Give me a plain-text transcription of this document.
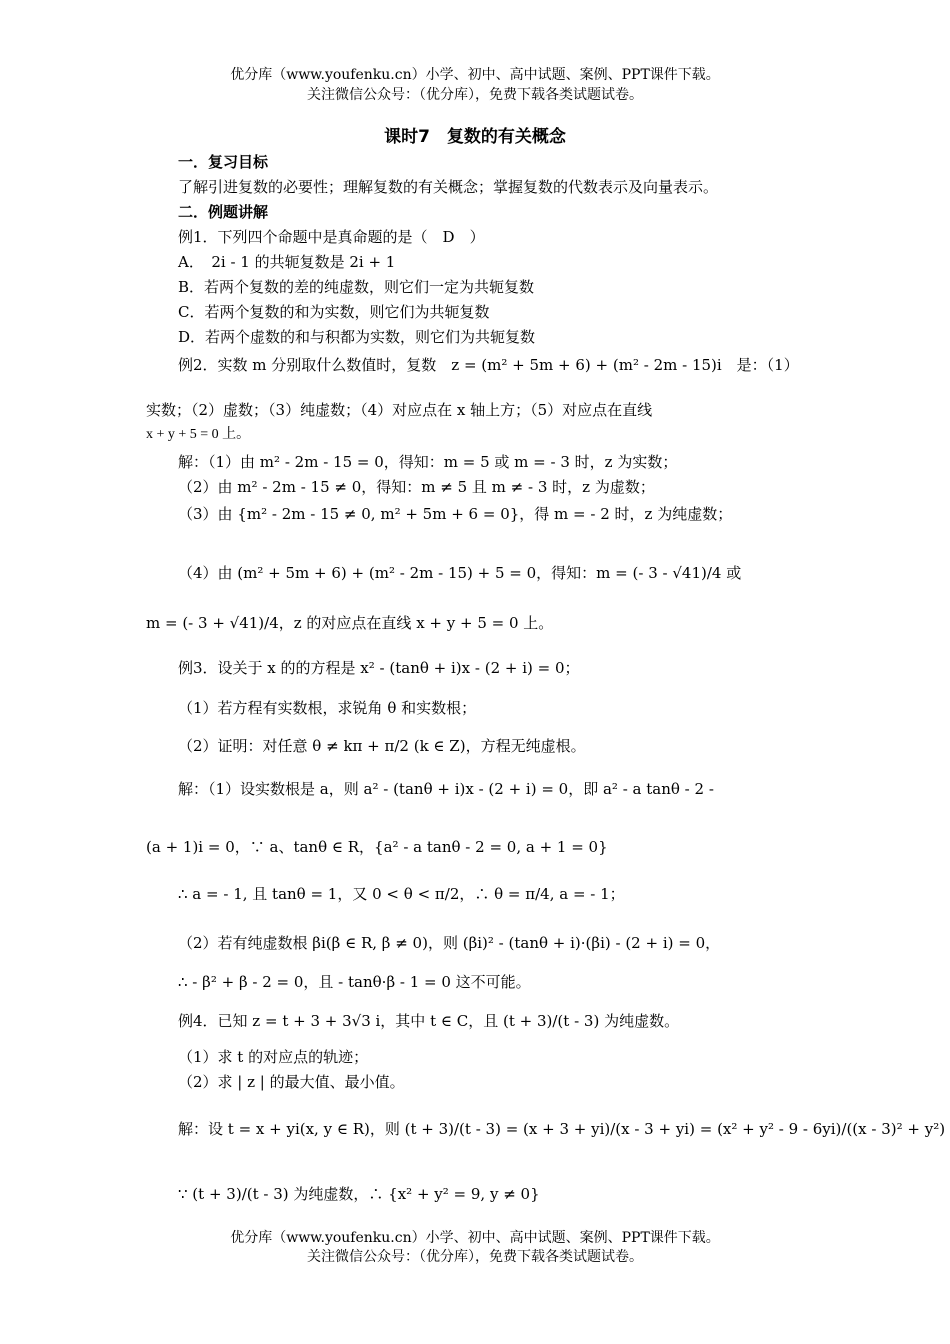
优分库（www.youfenku.cn）小学、初中、高中试题、案例、PPT课件下载。
关注微信公众号：（优分库），免费下载各类试题试卷。
课时7　复数的有关概念
一．复习目标
了解引进复数的必要性；理解复数的有关概念；掌握复数的代数表示及向量表示。
二．例题讲解
例1．下列四个命题中是真命题的是（　D　）
A．　2i - 1 的共轭复数是 2i + 1
B．若两个复数的差的纯虚数，则它们一定为共轭复数
C．若两个复数的和为实数，则它们为共轭复数
D．若两个虚数的和与积都为实数，则它们为共轭复数
例2．实数 m 分别取什么数值时，复数　z = (m² + 5m + 6) + (m² - 2m - 15)i　是：（1）
实数；（2）虚数；（3）纯虚数；（4）对应点在 x 轴上方；（5）对应点在直线
x + y + 5 = 0 上。
解：（1）由 m² - 2m - 15 = 0，得知：m = 5 或 m = - 3 时，z 为实数；
（2）由 m² - 2m - 15 ≠ 0，得知：m ≠ 5 且 m ≠ - 3 时，z 为虚数；
（3）由 {m² - 2m - 15 ≠ 0, m² + 5m + 6 = 0}，得 m = - 2 时，z 为纯虚数；
（4）由 (m² + 5m + 6) + (m² - 2m - 15) + 5 = 0，得知：m = (- 3 - √41)/4 或
m = (- 3 + √41)/4，z 的对应点在直线 x + y + 5 = 0 上。
例3．设关于 x 的的方程是 x² - (tanθ + i)x - (2 + i) = 0；
（1）若方程有实数根，求锐角 θ 和实数根；
（2）证明：对任意 θ ≠ kπ + π/2 (k ∈ Z)，方程无纯虚根。
解：（1）设实数根是 a，则 a² - (tanθ + i)x - (2 + i) = 0，即 a² - a tanθ - 2 -
(a + 1)i = 0，∵ a、tanθ ∈ R，{a² - a tanθ - 2 = 0, a + 1 = 0}
∴ a = - 1, 且 tanθ = 1，又 0 < θ < π/2，∴ θ = π/4, a = - 1；
（2）若有纯虚数根 βi(β ∈ R, β ≠ 0)，则 (βi)² - (tanθ + i)·(βi) - (2 + i) = 0，
∴ - β² + β - 2 = 0，且 - tanθ·β - 1 = 0 这不可能。
例4．已知 z = t + 3 + 3√3 i，其中 t ∈ C，且 (t + 3)/(t - 3) 为纯虚数。
（1）求 t 的对应点的轨迹；
（2）求 | z | 的最大值、最小值。
解：设 t = x + yi(x, y ∈ R)，则 (t + 3)/(t - 3) = (x + 3 + yi)/(x - 3 + yi) = (x² + y² - 9 - 6yi)/((x - 3)² + y²)
∵ (t + 3)/(t - 3) 为纯虚数，∴ {x² + y² = 9, y ≠ 0}
优分库（www.youfenku.cn）小学、初中、高中试题、案例、PPT课件下载。
关注微信公众号：（优分库），免费下载各类试题试卷。
